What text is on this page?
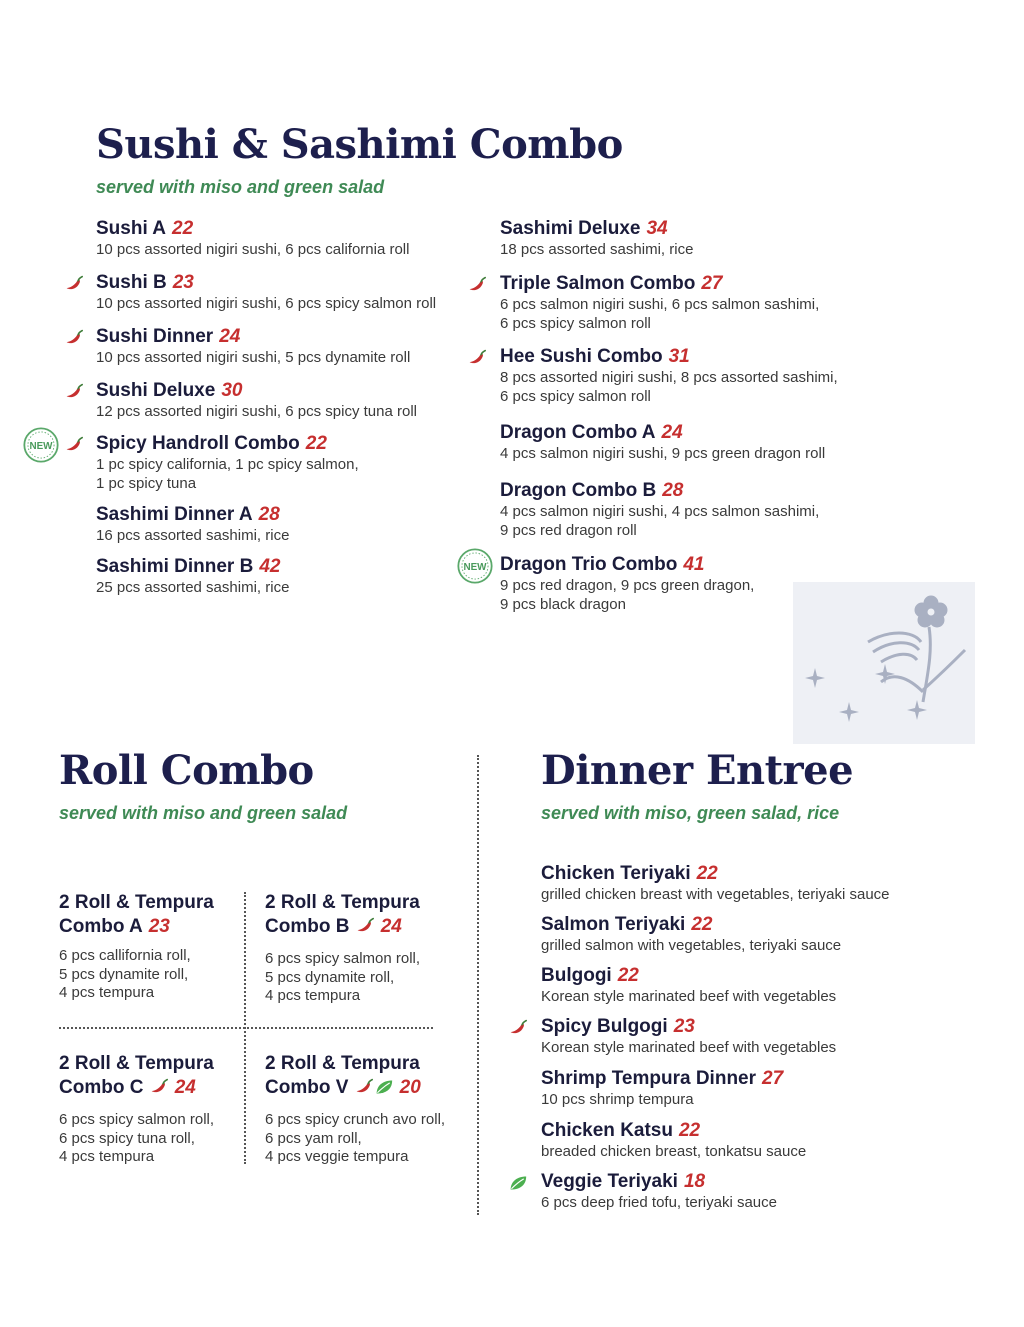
Sushi & Sashimi Combo
served with miso and green salad
Sushi A 22
10 pcs assorted nigiri sushi, 6 pcs california roll
Sushi B 23
10 pcs assorted nigiri sushi, 6 pcs spicy salmon roll
Sushi Dinner 24
10 pcs assorted nigiri sushi, 5 pcs dynamite roll
Sushi Deluxe 30
12 pcs assorted nigiri sushi, 6 pcs spicy tuna roll
Spicy Handroll Combo 22
1 pc spicy california, 1 pc spicy salmon,
1 pc spicy tuna
Sashimi Dinner A 28
16 pcs assorted sashimi, rice
Sashimi Dinner B 42
25 pcs assorted sashimi, rice
Sashimi Deluxe 34
18 pcs assorted sashimi, rice
Triple Salmon Combo 27
6 pcs salmon nigiri sushi, 6 pcs salmon sashimi,
6 pcs spicy salmon roll
Hee Sushi Combo 31
8 pcs assorted nigiri sushi, 8 pcs assorted sashimi,
6 pcs spicy salmon roll
Dragon Combo A 24
4 pcs salmon nigiri sushi, 9 pcs green dragon roll
Dragon Combo B 28
4 pcs salmon nigiri sushi, 4 pcs salmon sashimi,
9 pcs red dragon roll
Dragon Trio Combo 41
9 pcs red dragon, 9 pcs green dragon,
9 pcs black dragon
Roll Combo
served with miso and green salad
2 Roll & Tempura
Combo A 23
6 pcs callifornia roll,
5 pcs dynamite roll,
4 pcs tempura
2 Roll & Tempura
Combo B 24
6 pcs spicy salmon roll,
5 pcs dynamite roll,
4 pcs tempura
2 Roll & Tempura
Combo C 24
6 pcs spicy salmon roll,
6 pcs spicy tuna roll,
4 pcs tempura
2 Roll & Tempura
Combo V	20
6 pcs spicy crunch avo roll,
6 pcs yam roll,
4 pcs veggie tempura
Dinner Entree
served with miso, green salad, rice
Chicken Teriyaki 22
grilled chicken breast with vegetables, teriyaki sauce
Salmon Teriyaki 22
grilled salmon with vegetables, teriyaki sauce
Bulgogi 22
Korean style marinated beef with vegetables
Spicy Bulgogi 23
Korean style marinated beef with vegetables
Shrimp Tempura Dinner 27
10 pcs shrimp tempura
Chicken Katsu 22
breaded chicken breast, tonkatsu sauce
Veggie Teriyaki 18
6 pcs deep fried tofu, teriyaki sauce
